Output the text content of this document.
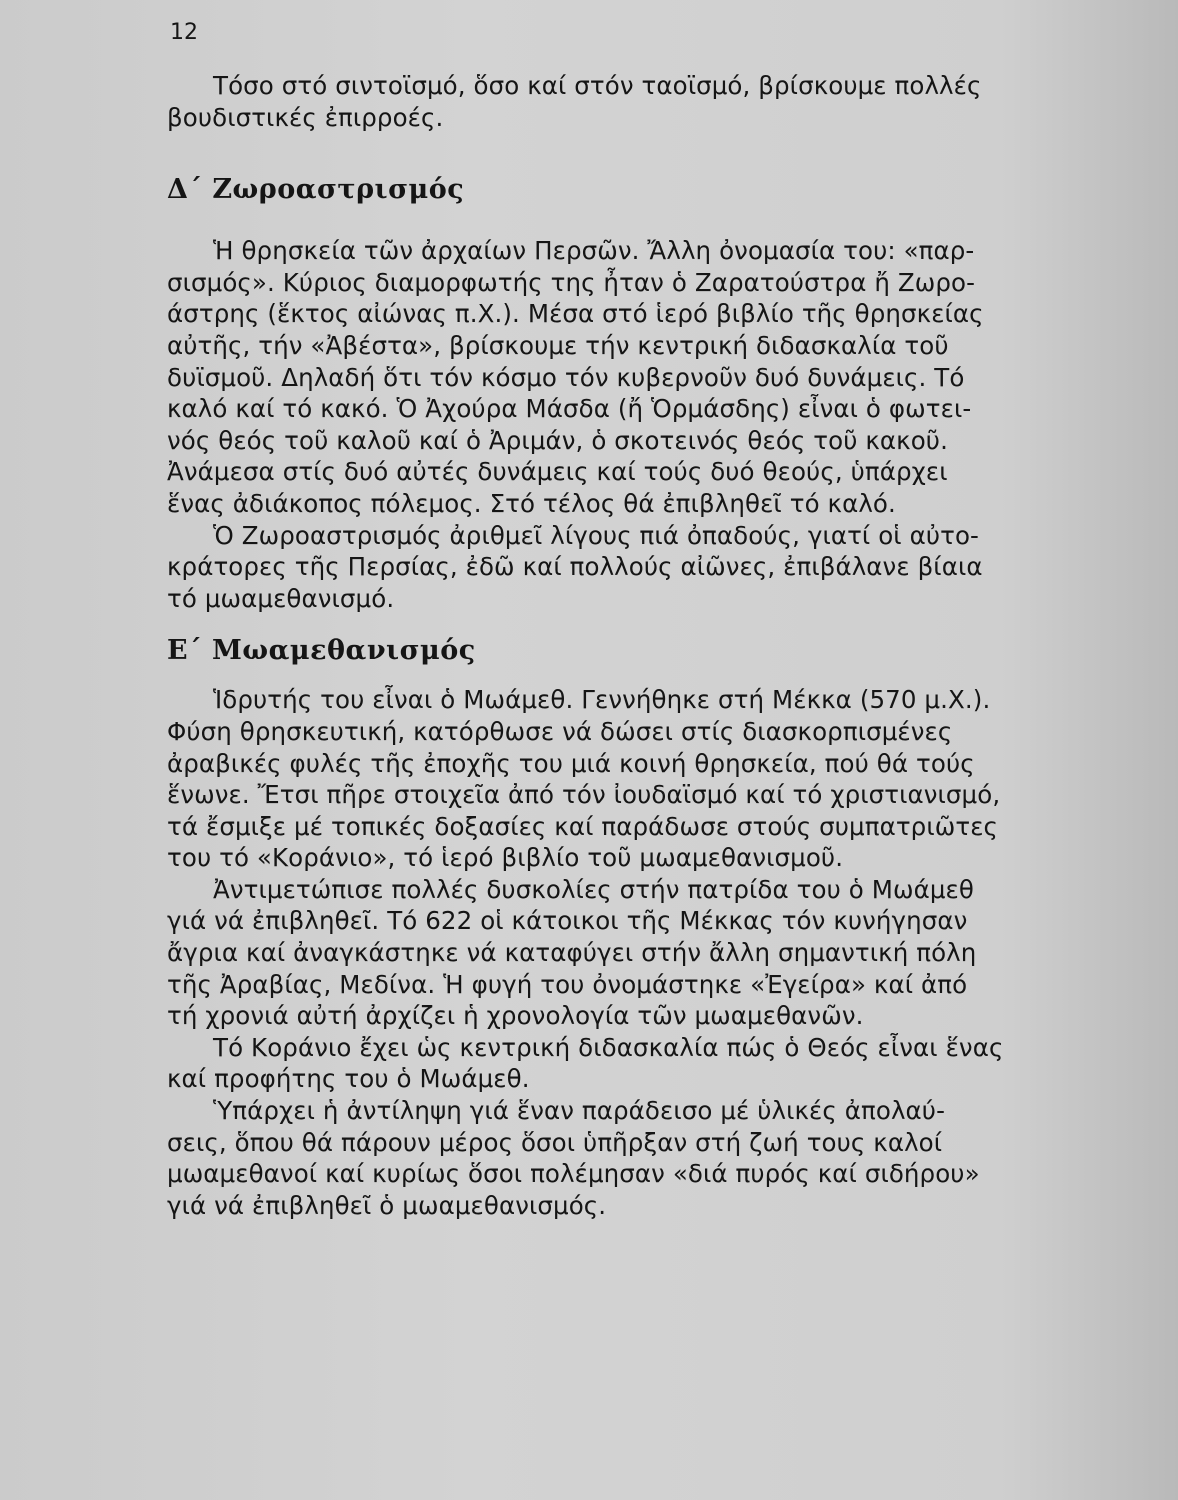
12
Τόσο στό σιντοϊσμό, ὅσο καί στόν ταοϊσμό, βρίσκουμε πολλές
βουδιστικές ἐπιρροές.
Δ΄ Ζωροαστρισμός
Ἡ θρησκεία τῶν ἀρχαίων Περσῶν. Ἄλλη ὀνομασία του: «παρ-
σισμός». Κύριος διαμορφωτής της ἦταν ὁ Ζαρατούστρα ἤ Ζωρο-
άστρης (ἕκτος αἰώνας π.Χ.). Μέσα στό ἱερό βιβλίο τῆς θρησκείας
αὐτῆς, τήν «Ἀβέστα», βρίσκουμε τήν κεντρική διδασκαλία τοῦ
δυϊσμοῦ. Δηλαδή ὅτι τόν κόσμο τόν κυβερνοῦν δυό δυνάμεις. Τό
καλό καί τό κακό. Ὁ Ἀχούρα Μάσδα (ἤ Ὁρμάσδης) εἶναι ὁ φωτει-
νός θεός τοῦ καλοῦ καί ὁ Ἀριμάν, ὁ σκοτεινός θεός τοῦ κακοῦ.
Ἀνάμεσα στίς δυό αὐτές δυνάμεις καί τούς δυό θεούς, ὑπάρχει
ἕνας ἀδιάκοπος πόλεμος. Στό τέλος θά ἐπιβληθεῖ τό καλό.
Ὁ Ζωροαστρισμός ἀριθμεῖ λίγους πιά ὀπαδούς, γιατί οἱ αὐτο-
κράτορες τῆς Περσίας, ἐδῶ καί πολλούς αἰῶνες, ἐπιβάλανε βίαια
τό μωαμεθανισμό.
Ε΄ Μωαμεθανισμός
Ἱδρυτής του εἶναι ὁ Μωάμεθ. Γεννήθηκε στή Μέκκα (570 μ.Χ.).
Φύση θρησκευτική, κατόρθωσε νά δώσει στίς διασκορπισμένες
ἀραβικές φυλές τῆς ἐποχῆς του μιά κοινή θρησκεία, πού θά τούς
ἕνωνε. Ἔτσι πῆρε στοιχεῖα ἀπό τόν ἰουδαϊσμό καί τό χριστιανισμό,
τά ἔσμιξε μέ τοπικές δοξασίες καί παράδωσε στούς συμπατριῶτες
του τό «Κοράνιο», τό ἱερό βιβλίο τοῦ μωαμεθανισμοῦ.
Ἀντιμετώπισε πολλές δυσκολίες στήν πατρίδα του ὁ Μωάμεθ
γιά νά ἐπιβληθεῖ. Τό 622 οἱ κάτοικοι τῆς Μέκκας τόν κυνήγησαν
ἄγρια καί ἀναγκάστηκε νά καταφύγει στήν ἄλλη σημαντική πόλη
τῆς Ἀραβίας, Μεδίνα. Ἡ φυγή του ὀνομάστηκε «Ἐγείρα» καί ἀπό
τή χρονιά αὐτή ἀρχίζει ἡ χρονολογία τῶν μωαμεθανῶν.
Τό Κοράνιο ἔχει ὡς κεντρική διδασκαλία πώς ὁ Θεός εἶναι ἕνας
καί προφήτης του ὁ Μωάμεθ.
Ὑπάρχει ἡ ἀντίληψη γιά ἕναν παράδεισο μέ ὑλικές ἀπολαύ-
σεις, ὅπου θά πάρουν μέρος ὅσοι ὑπῆρξαν στή ζωή τους καλοί
μωαμεθανοί καί κυρίως ὅσοι πολέμησαν «διά πυρός καί σιδήρου»
γιά νά ἐπιβληθεῖ ὁ μωαμεθανισμός.
